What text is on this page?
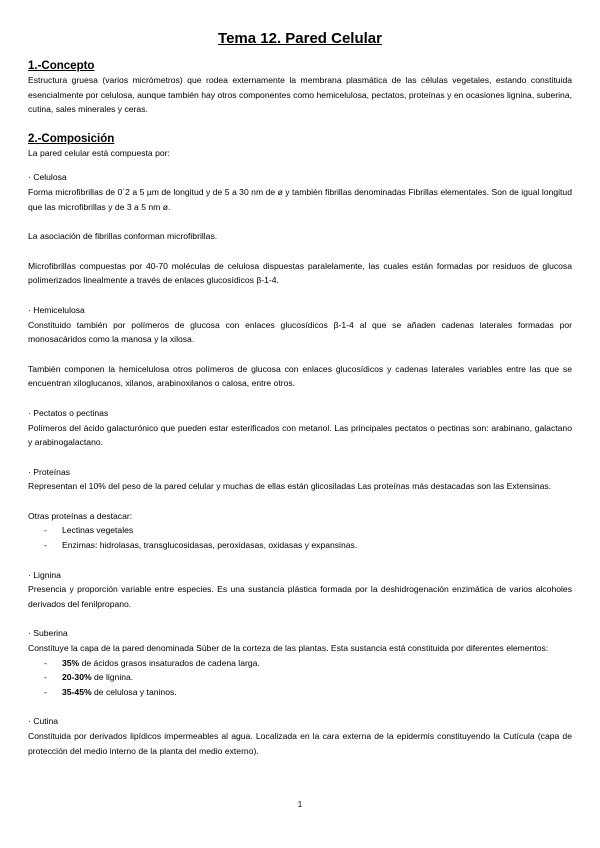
Tema 12. Pared Celular
1.-Concepto

Estructura gruesa (varios micrómetros) que rodea externamente la membrana plasmática de las células vegetales, estando constituida esencialmente por celulosa, aunque también hay otros componentes como hemicelulosa, pectatos, proteínas y en ocasiones lignina, suberina, cutina, sales minerales y ceras.

2.-Composición

La pared celular está compuesta por:

· Celulosa

Forma microfibrillas de 0´2 a 5 µm de longitud y de 5 a 30 nm de ø y también fibrillas denominadas Fibrillas elementales. Son de igual longitud que las microfibrillas y de 3 a 5 nm ø.

La asociación de fibrillas conforman microfibrillas.

Microfibrillas compuestas por 40-70 moléculas de celulosa dispuestas paralelamente, las cuales están formadas por residuos de glucosa polimerizados linealmente a través de enlaces glucosídicos β-1-4.

· Hemicelulosa

Constituido también por polímeros de glucosa con enlaces glucosídicos β-1-4 al que se añaden cadenas laterales formadas por monosacáridos como la manosa y la xilosa.

También componen la hemicelulosa otros polímeros de glucosa con enlaces glucosídicos y cadenas laterales variables entre las que se encuentran xiloglucanos, xilanos, arabinoxilanos o calosa, entre otros.

· Pectatos o pectinas

Polímeros del ácido galacturónico que pueden estar esterificados con metanol. Las principales pectatos o pectinas son: arabinano, galactano y arabinogalactano.

· Proteínas

Representan el 10% del peso de la pared celular y muchas de ellas están glicosiladas Las proteínas más destacadas son las Extensinas.

Otras proteínas a destacar:
- Lectinas vegetales
- Enzimas: hidrolasas, transglucosidasas, peroxidasas, oxidasas y expansinas.
· Lignina

Presencia y proporción variable entre especies. Es una sustancia plástica formada por la deshidrogenación enzimática de varios alcoholes derivados del fenilpropano.

· Suberina

Constituye la capa de la pared denominada Súber de la corteza de las plantas. Esta sustancia está constituida por diferentes elementos:

- 35% de ácidos grasos insaturados de cadena larga.
- 20-30% de lignina.
- 35-45% de celulosa y taninos.
· Cutina

Constituida por derivados lipídicos impermeables al agua. Localizada en la cara externa de la epidermis constituyendo la Cutícula (capa de protección del medio interno de la planta del medio externo).

1
